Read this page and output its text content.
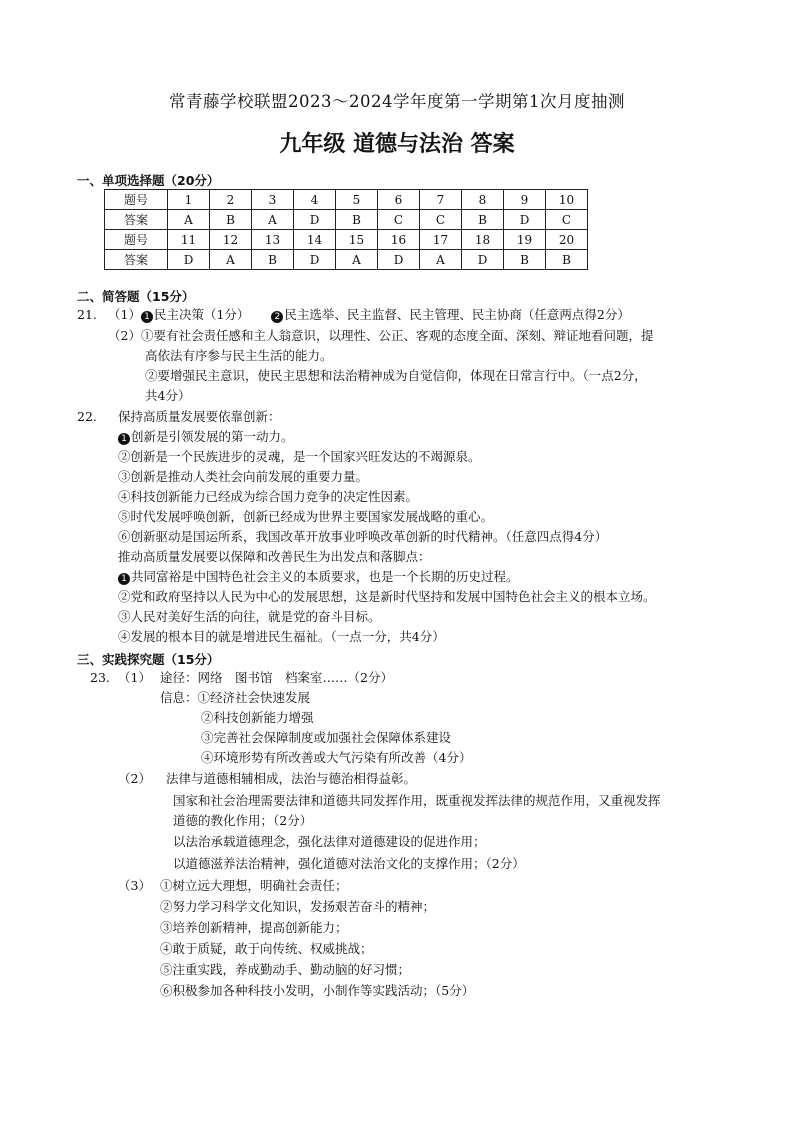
常青藤学校联盟2023～2024学年度第一学期第1次月度抽测
九年级 道德与法治 答案
一、单项选择题（20分）
题号	1	2	3	4	5	6	7	8	9	10
答案	A	B	A	D	B	C	C	B	D	C
题号	11	12	13	14	15	16	17	18	19	20
答案	D	A	B	D	A	D	A	D	B	B
二、简答题（15分）
21. （1） 1 民主决策（1分）	2 民主选举、民主监督、民主管理、民主协商（任意两点得2分）
（2）①要有社会责任感和主人翁意识，以理性、公正、客观的态度全面、深刻、辩证地看问题，提
高依法有序参与民主生活的能力。
②要增强民主意识，使民主思想和法治精神成为自觉信仰，体现在日常言行中。（一点2分，
共4分）
22. 保持高质量发展要依靠创新：
1 创新是引领发展的第一动力。
②创新是一个民族进步的灵魂，是一个国家兴旺发达的不竭源泉。
③创新是推动人类社会向前发展的重要力量。
④科技创新能力已经成为综合国力竞争的决定性因素。
⑤时代发展呼唤创新，创新已经成为世界主要国家发展战略的重心。
⑥创新驱动是国运所系，我国改革开放事业呼唤改革创新的时代精神。（任意四点得4分）
推动高质量发展要以保障和改善民生为出发点和落脚点：
1 共同富裕是中国特色社会主义的本质要求，也是一个长期的历史过程。
②党和政府坚持以人民为中心的发展思想，这是新时代坚持和发展中国特色社会主义的根本立场。
③人民对美好生活的向往，就是党的奋斗目标。
④发展的根本目的就是增进民生福祉。（一点一分，共4分）
三、实践探究题（15分）
23. （1） 途径：网络　图书馆　档案室……（2分）
信息：①经济社会快速发展
②科技创新能力增强
③完善社会保障制度或加强社会保障体系建设
④环境形势有所改善或大气污染有所改善（4分）
（2） 法律与道德相辅相成，法治与德治相得益彰。
国家和社会治理需要法律和道德共同发挥作用，既重视发挥法律的规范作用，又重视发挥
道德的教化作用；（2分）
以法治承载道德理念，强化法律对道德建设的促进作用；
以道德滋养法治精神，强化道德对法治文化的支撑作用；（2分）
（3） ①树立远大理想，明确社会责任；
②努力学习科学文化知识，发扬艰苦奋斗的精神；
③培养创新精神，提高创新能力；
④敢于质疑，敢于向传统、权威挑战；
⑤注重实践，养成勤动手、勤动脑的好习惯；
⑥积极参加各种科技小发明，小制作等实践活动；（5分）
